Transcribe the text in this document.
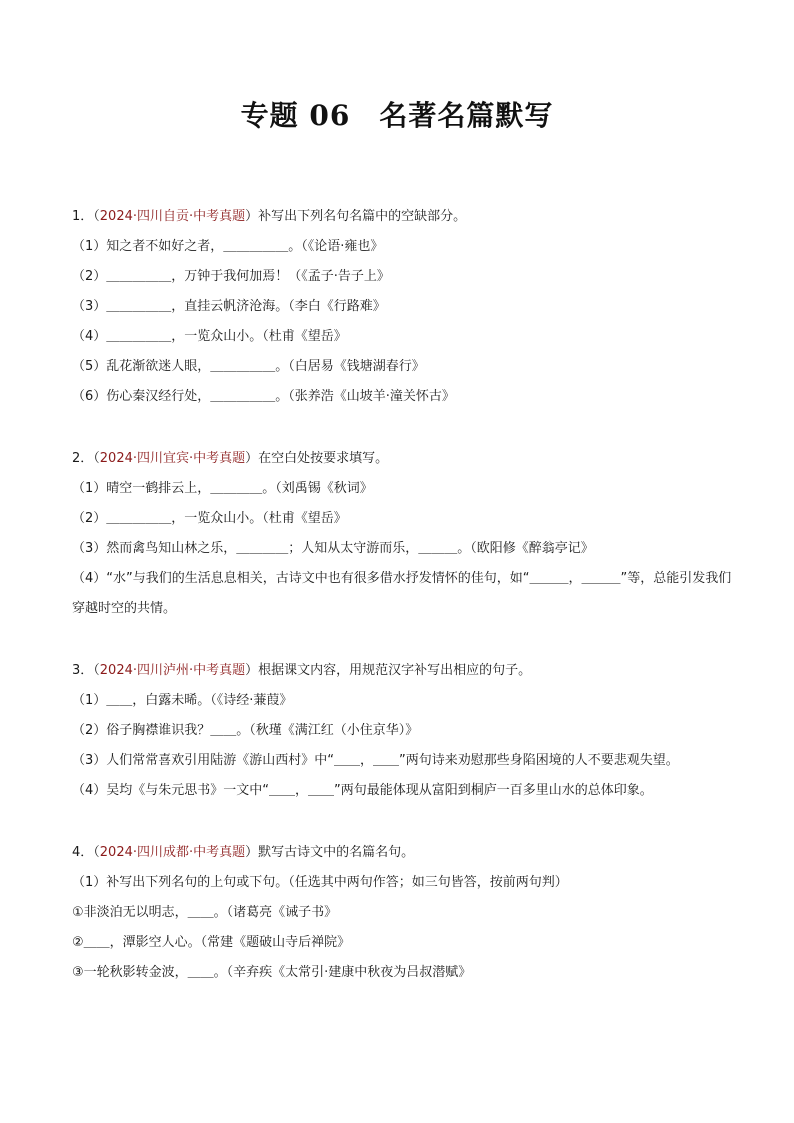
专题 06　名著名篇默写
1．（2024·四川自贡·中考真题）补写出下列名句名篇中的空缺部分。
（1）知之者不如好之者，＿＿＿＿＿。（《论语·雍也》
（2）＿＿＿＿＿，万钟于我何加焉！（《孟子·告子上》
（3）＿＿＿＿＿，直挂云帆济沧海。（李白《行路难》
（4）＿＿＿＿＿，一览众山小。（杜甫《望岳》
（5）乱花渐欲迷人眼，＿＿＿＿＿。（白居易《钱塘湖春行》
（6）伤心秦汉经行处，＿＿＿＿＿。（张养浩《山坡羊·潼关怀古》
2．（2024·四川宜宾·中考真题）在空白处按要求填写。
（1）晴空一鹤排云上，＿＿＿＿。（刘禹锡《秋词》
（2）＿＿＿＿＿，一览众山小。（杜甫《望岳》
（3）然而禽鸟知山林之乐，＿＿＿＿；人知从太守游而乐，＿＿＿。（欧阳修《醉翁亭记》
（4）“水”与我们的生活息息相关，古诗文中也有很多借水抒发情怀的佳句，如“＿＿＿，＿＿＿”等，总能引发我们穿越时空的共情。
3．（2024·四川泸州·中考真题）根据课文内容，用规范汉字补写出相应的句子。
（1）＿＿，白露未晞。（《诗经·蒹葭》
（2）俗子胸襟谁识我？＿＿。（秋瑾《满江红（小住京华）》
（3）人们常常喜欢引用陆游《游山西村》中“＿＿，＿＿”两句诗来劝慰那些身陷困境的人不要悲观失望。
（4）吴均《与朱元思书》一文中“＿＿，＿＿”两句最能体现从富阳到桐庐一百多里山水的总体印象。
4．（2024·四川成都·中考真题）默写古诗文中的名篇名句。
（1）补写出下列名句的上句或下句。（任选其中两句作答；如三句皆答，按前两句判）
①非淡泊无以明志，＿＿。（诸葛亮《诫子书》
②＿＿，潭影空人心。（常建《题破山寺后禅院》
③一轮秋影转金波，＿＿。（辛弃疾《太常引·建康中秋夜为吕叔潜赋》
